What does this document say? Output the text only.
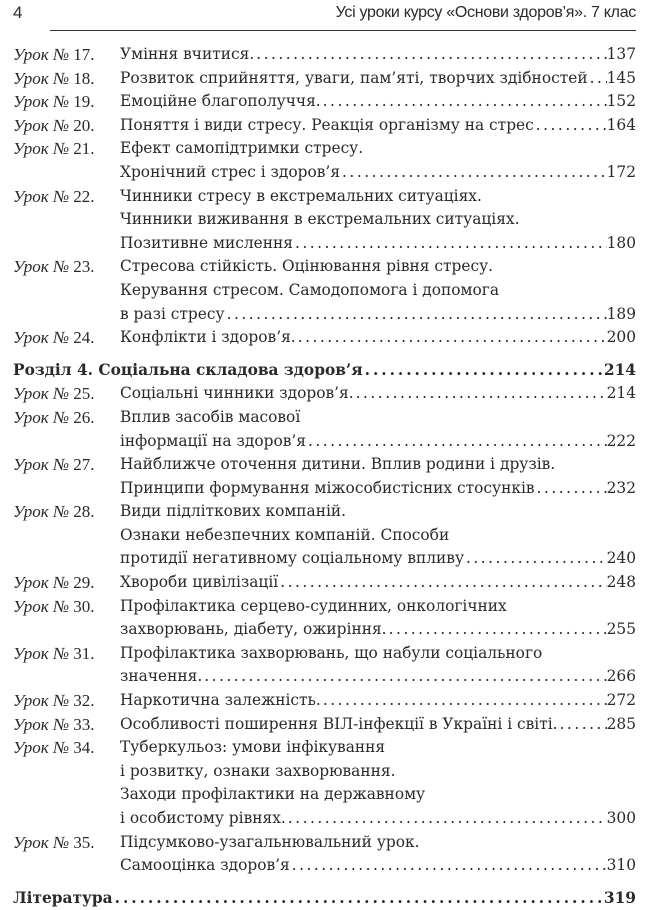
4	Усі уроки курсу «Основи здоров’я». 7 клас
Урок № 17.	Уміння вчитися. . . .	137
Урок № 18.	Розвиток сприйняття, уваги, пам’яті, творчих здібностей . . . 145
Урок № 19.	Емоційне благополуччя. . . .	152
Урок № 20.	Поняття і види стресу. Реакція організму на стрес . . .	164
Урок № 21.	Ефект самопідтримки стресу.
Хронічний стрес і здоров’я . . .	172
Урок № 22.	Чинники стресу в екстремальних ситуаціях.
Чинники виживання в екстремальних ситуаціях.
Позитивне мислення . . .	180
Урок № 23.	Стресова стійкість. Оцінювання рівня стресу.
Керування стресом. Самодопомога і допомога
в разі стресу . . .	189
Урок № 24.	Конфлікти і здоров’я. . . .	200
Розділ 4. Соціальна складова здоров’я . . .	214
Урок № 25.	Соціальні чинники здоров’я. . . .	214
Урок № 26.	Вплив засобів масової
інформації на здоров’я . . .	222
Урок № 27.	Найближче оточення дитини. Вплив родини і друзів.
Принципи формування міжособистісних стосунків . . .	232
Урок № 28.	Види підліткових компаній.
Ознаки небезпечних компаній. Способи
протидії негативному соціальному впливу . . .	240
Урок № 29.	Хвороби цивілізації . . .	248
Урок № 30.	Профілактика серцево-судинних, онкологічних
захворювань, діабету, ожиріння. . . .	255
Урок № 31.	Профілактика захворювань, що набули соціального
значення. . . .	266
Урок № 32.	Наркотична залежність. . . .	272
Урок № 33.	Особливості поширення ВІЛ-інфекції в Україні і світі. . . .	285
Урок № 34.	Туберкульоз: умови інфікування
і розвитку, ознаки захворювання.
Заходи профілактики на державному
і особистому рівнях. . . .	300
Урок № 35.	Підсумково-узагальнювальний урок.
Самооцінка здоров’я . . .	310
Література . . .	319
